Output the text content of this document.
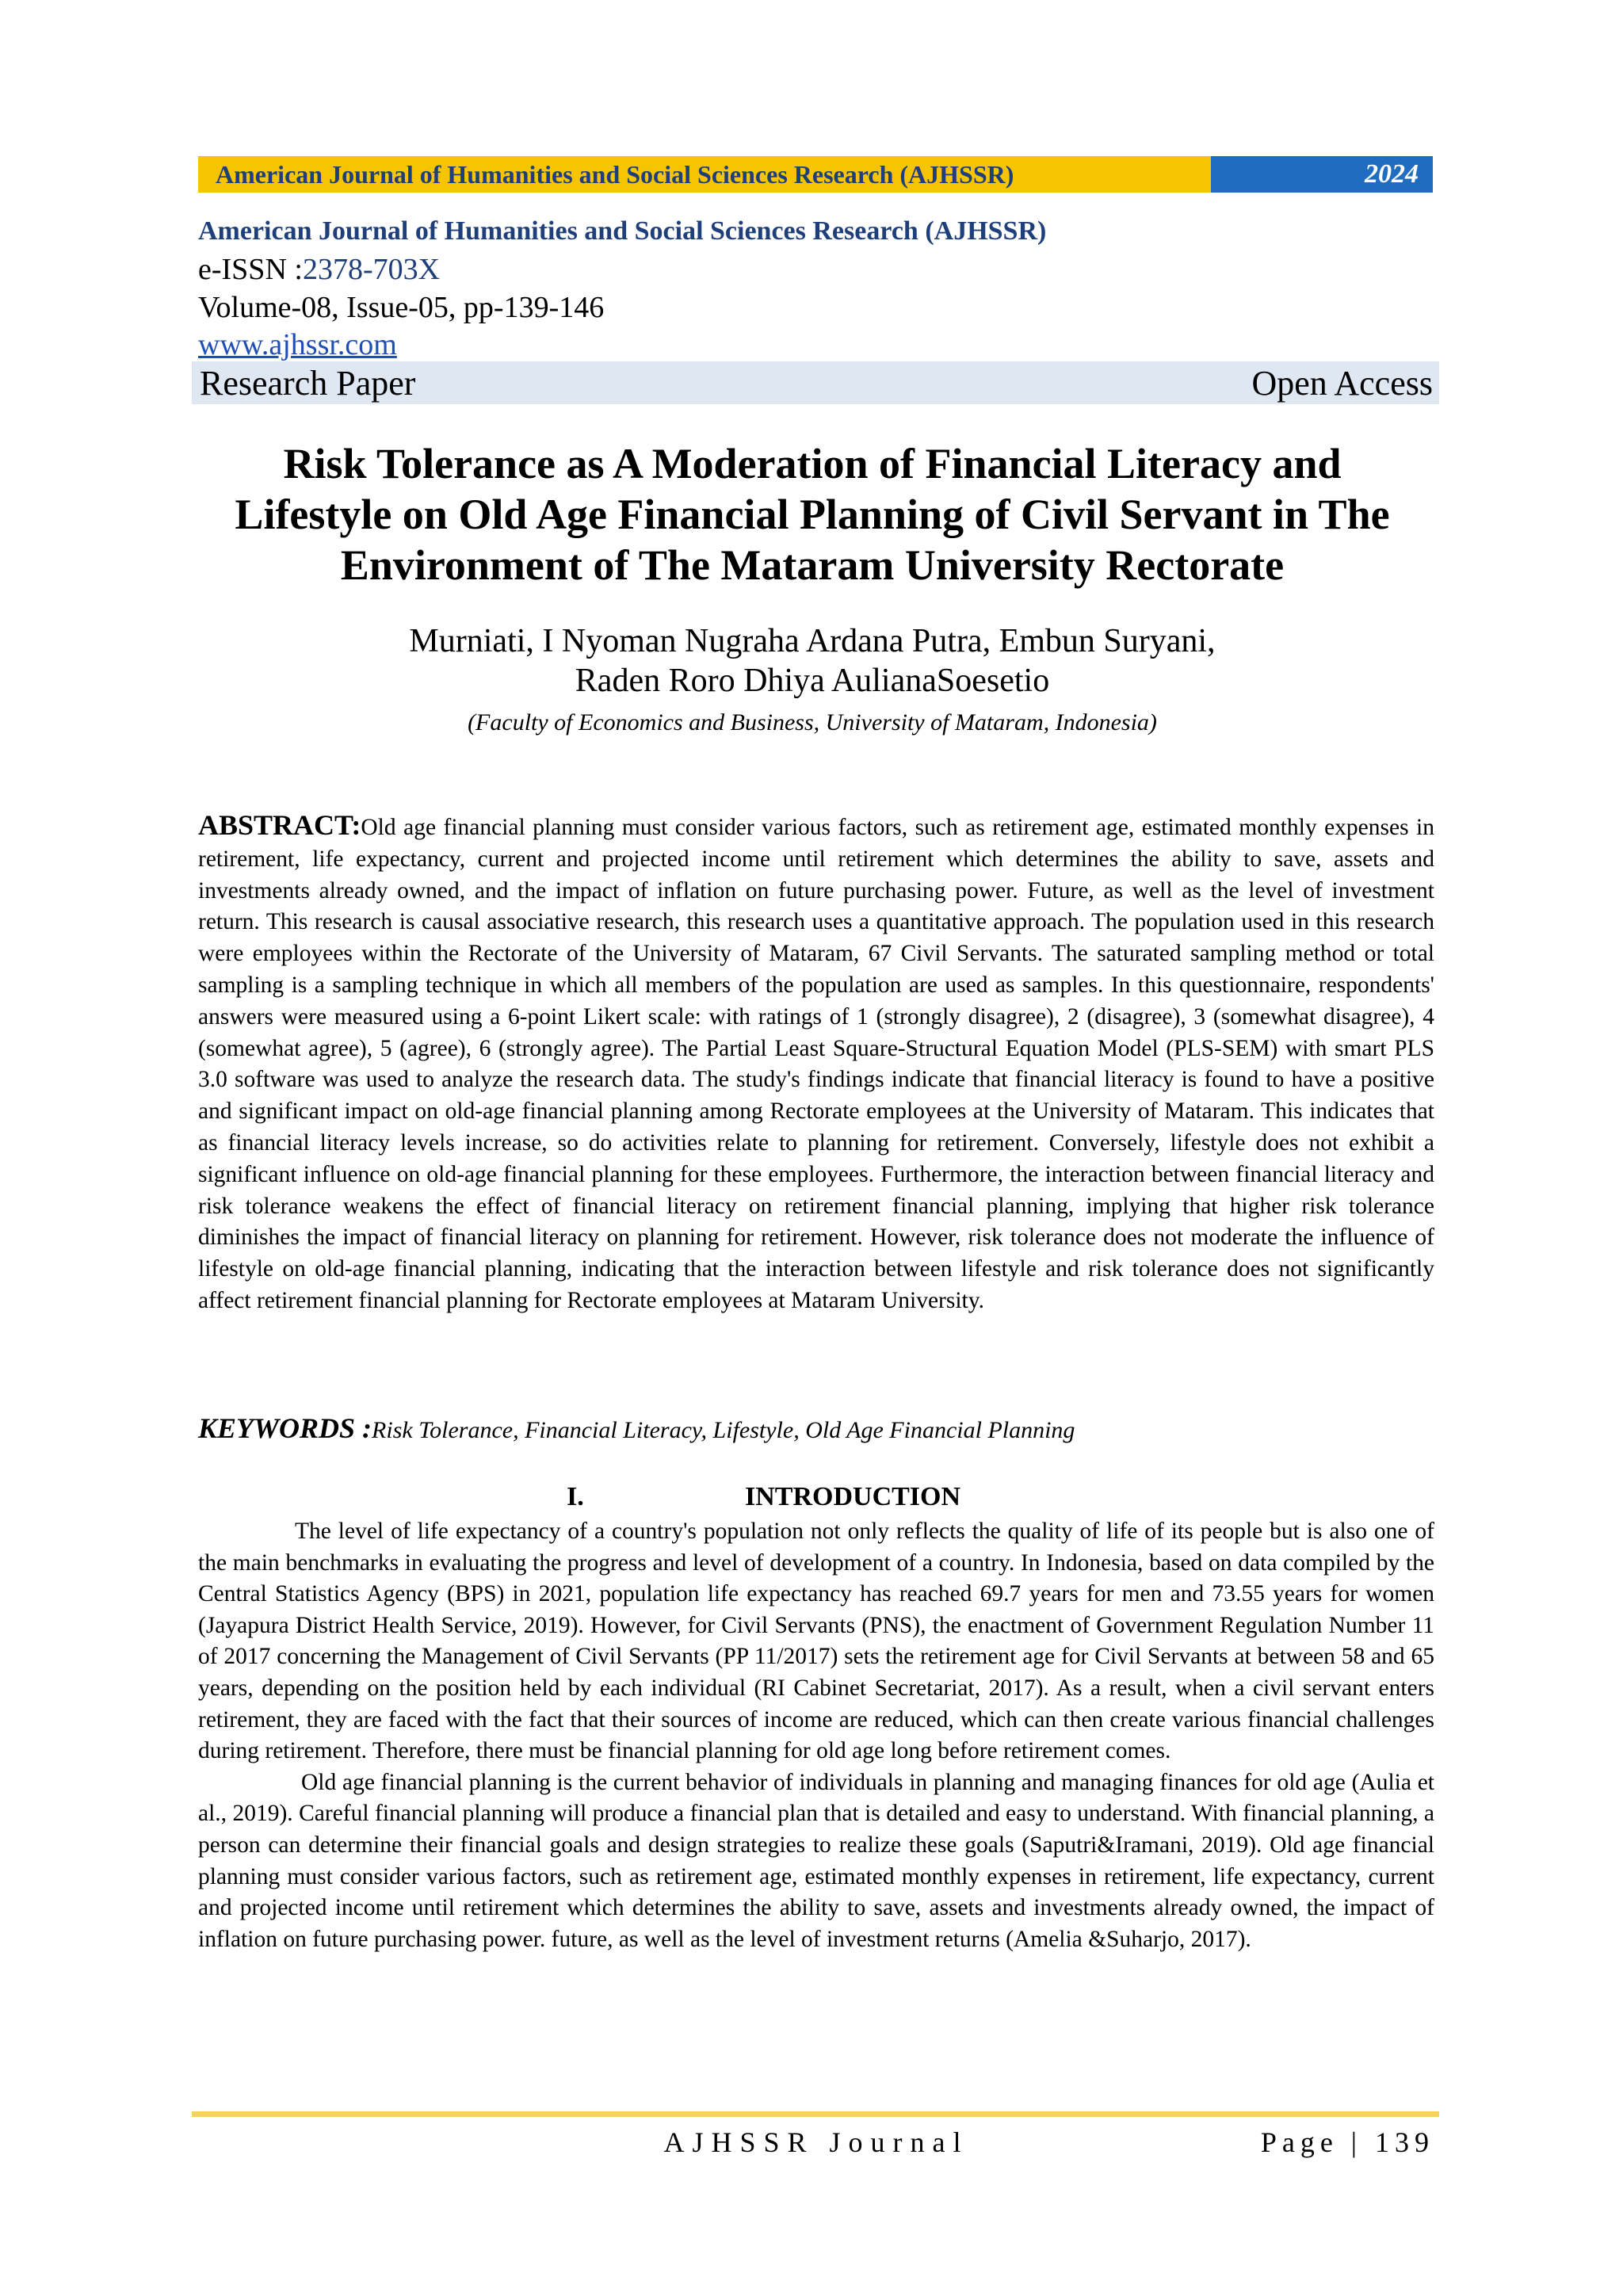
American Journal of Humanities and Social Sciences Research (AJHSSR)	2024
American Journal of Humanities and Social Sciences Research (AJHSSR)
e-ISSN :2378-703X
Volume-08, Issue-05, pp-139-146
www.ajhssr.com
Research Paper	Open Access
Risk Tolerance as A Moderation of Financial Literacy and
Lifestyle on Old Age Financial Planning of Civil Servant in The
Environment of The Mataram University Rectorate
Murniati, I Nyoman Nugraha Ardana Putra, Embun Suryani,
Raden Roro Dhiya AulianaSoesetio
(Faculty of Economics and Business, University of Mataram, Indonesia)
ABSTRACT:Old age financial planning must consider various factors, such as retirement age, estimated monthly expenses in retirement, life expectancy, current and projected income until retirement which determines the ability to save, assets and investments already owned, and the impact of inflation on future purchasing power. Future, as well as the level of investment return. This research is causal associative research, this research uses a quantitative approach. The population used in this research were employees within the Rectorate of the University of Mataram, 67 Civil Servants. The saturated sampling method or total sampling is a sampling technique in which all members of the population are used as samples. In this questionnaire, respondents' answers were measured using a 6-point Likert scale: with ratings of 1 (strongly disagree), 2 (disagree), 3 (somewhat disagree), 4 (somewhat agree), 5 (agree), 6 (strongly agree). The Partial Least Square-Structural Equation Model (PLS-SEM) with smart PLS 3.0 software was used to analyze the research data. The study's findings indicate that financial literacy is found to have a positive and significant impact on old-age financial planning among Rectorate employees at the University of Mataram. This indicates that as financial literacy levels increase, so do activities relate to planning for retirement. Conversely, lifestyle does not exhibit a significant influence on old-age financial planning for these employees. Furthermore, the interaction between financial literacy and risk tolerance weakens the effect of financial literacy on retirement financial planning, implying that higher risk tolerance diminishes the impact of financial literacy on planning for retirement. However, risk tolerance does not moderate the influence of lifestyle on old-age financial planning, indicating that the interaction between lifestyle and risk tolerance does not significantly affect retirement financial planning for Rectorate employees at Mataram University.
KEYWORDS :Risk Tolerance, Financial Literacy, Lifestyle, Old Age Financial Planning
I.	INTRODUCTION

The level of life expectancy of a country's population not only reflects the quality of life of its people but is also one of the main benchmarks in evaluating the progress and level of development of a country. In Indonesia, based on data compiled by the Central Statistics Agency (BPS) in 2021, population life expectancy has reached 69.7 years for men and 73.55 years for women (Jayapura District Health Service, 2019). However, for Civil Servants (PNS), the enactment of Government Regulation Number 11 of 2017 concerning the Management of Civil Servants (PP 11/2017) sets the retirement age for Civil Servants at between 58 and 65 years, depending on the position held by each individual (RI Cabinet Secretariat, 2017). As a result, when a civil servant enters retirement, they are faced with the fact that their sources of income are reduced, which can then create various financial challenges during retirement. Therefore, there must be financial planning for old age long before retirement comes.

Old age financial planning is the current behavior of individuals in planning and managing finances for old age (Aulia et al., 2019). Careful financial planning will produce a financial plan that is detailed and easy to understand. With financial planning, a person can determine their financial goals and design strategies to realize these goals (Saputri&Iramani, 2019). Old age financial planning must consider various factors, such as retirement age, estimated monthly expenses in retirement, life expectancy, current and projected income until retirement which determines the ability to save, assets and investments already owned, the impact of inflation on future purchasing power. future, as well as the level of investment returns (Amelia &Suharjo, 2017).

AJHSSR Journal	Page | 139
